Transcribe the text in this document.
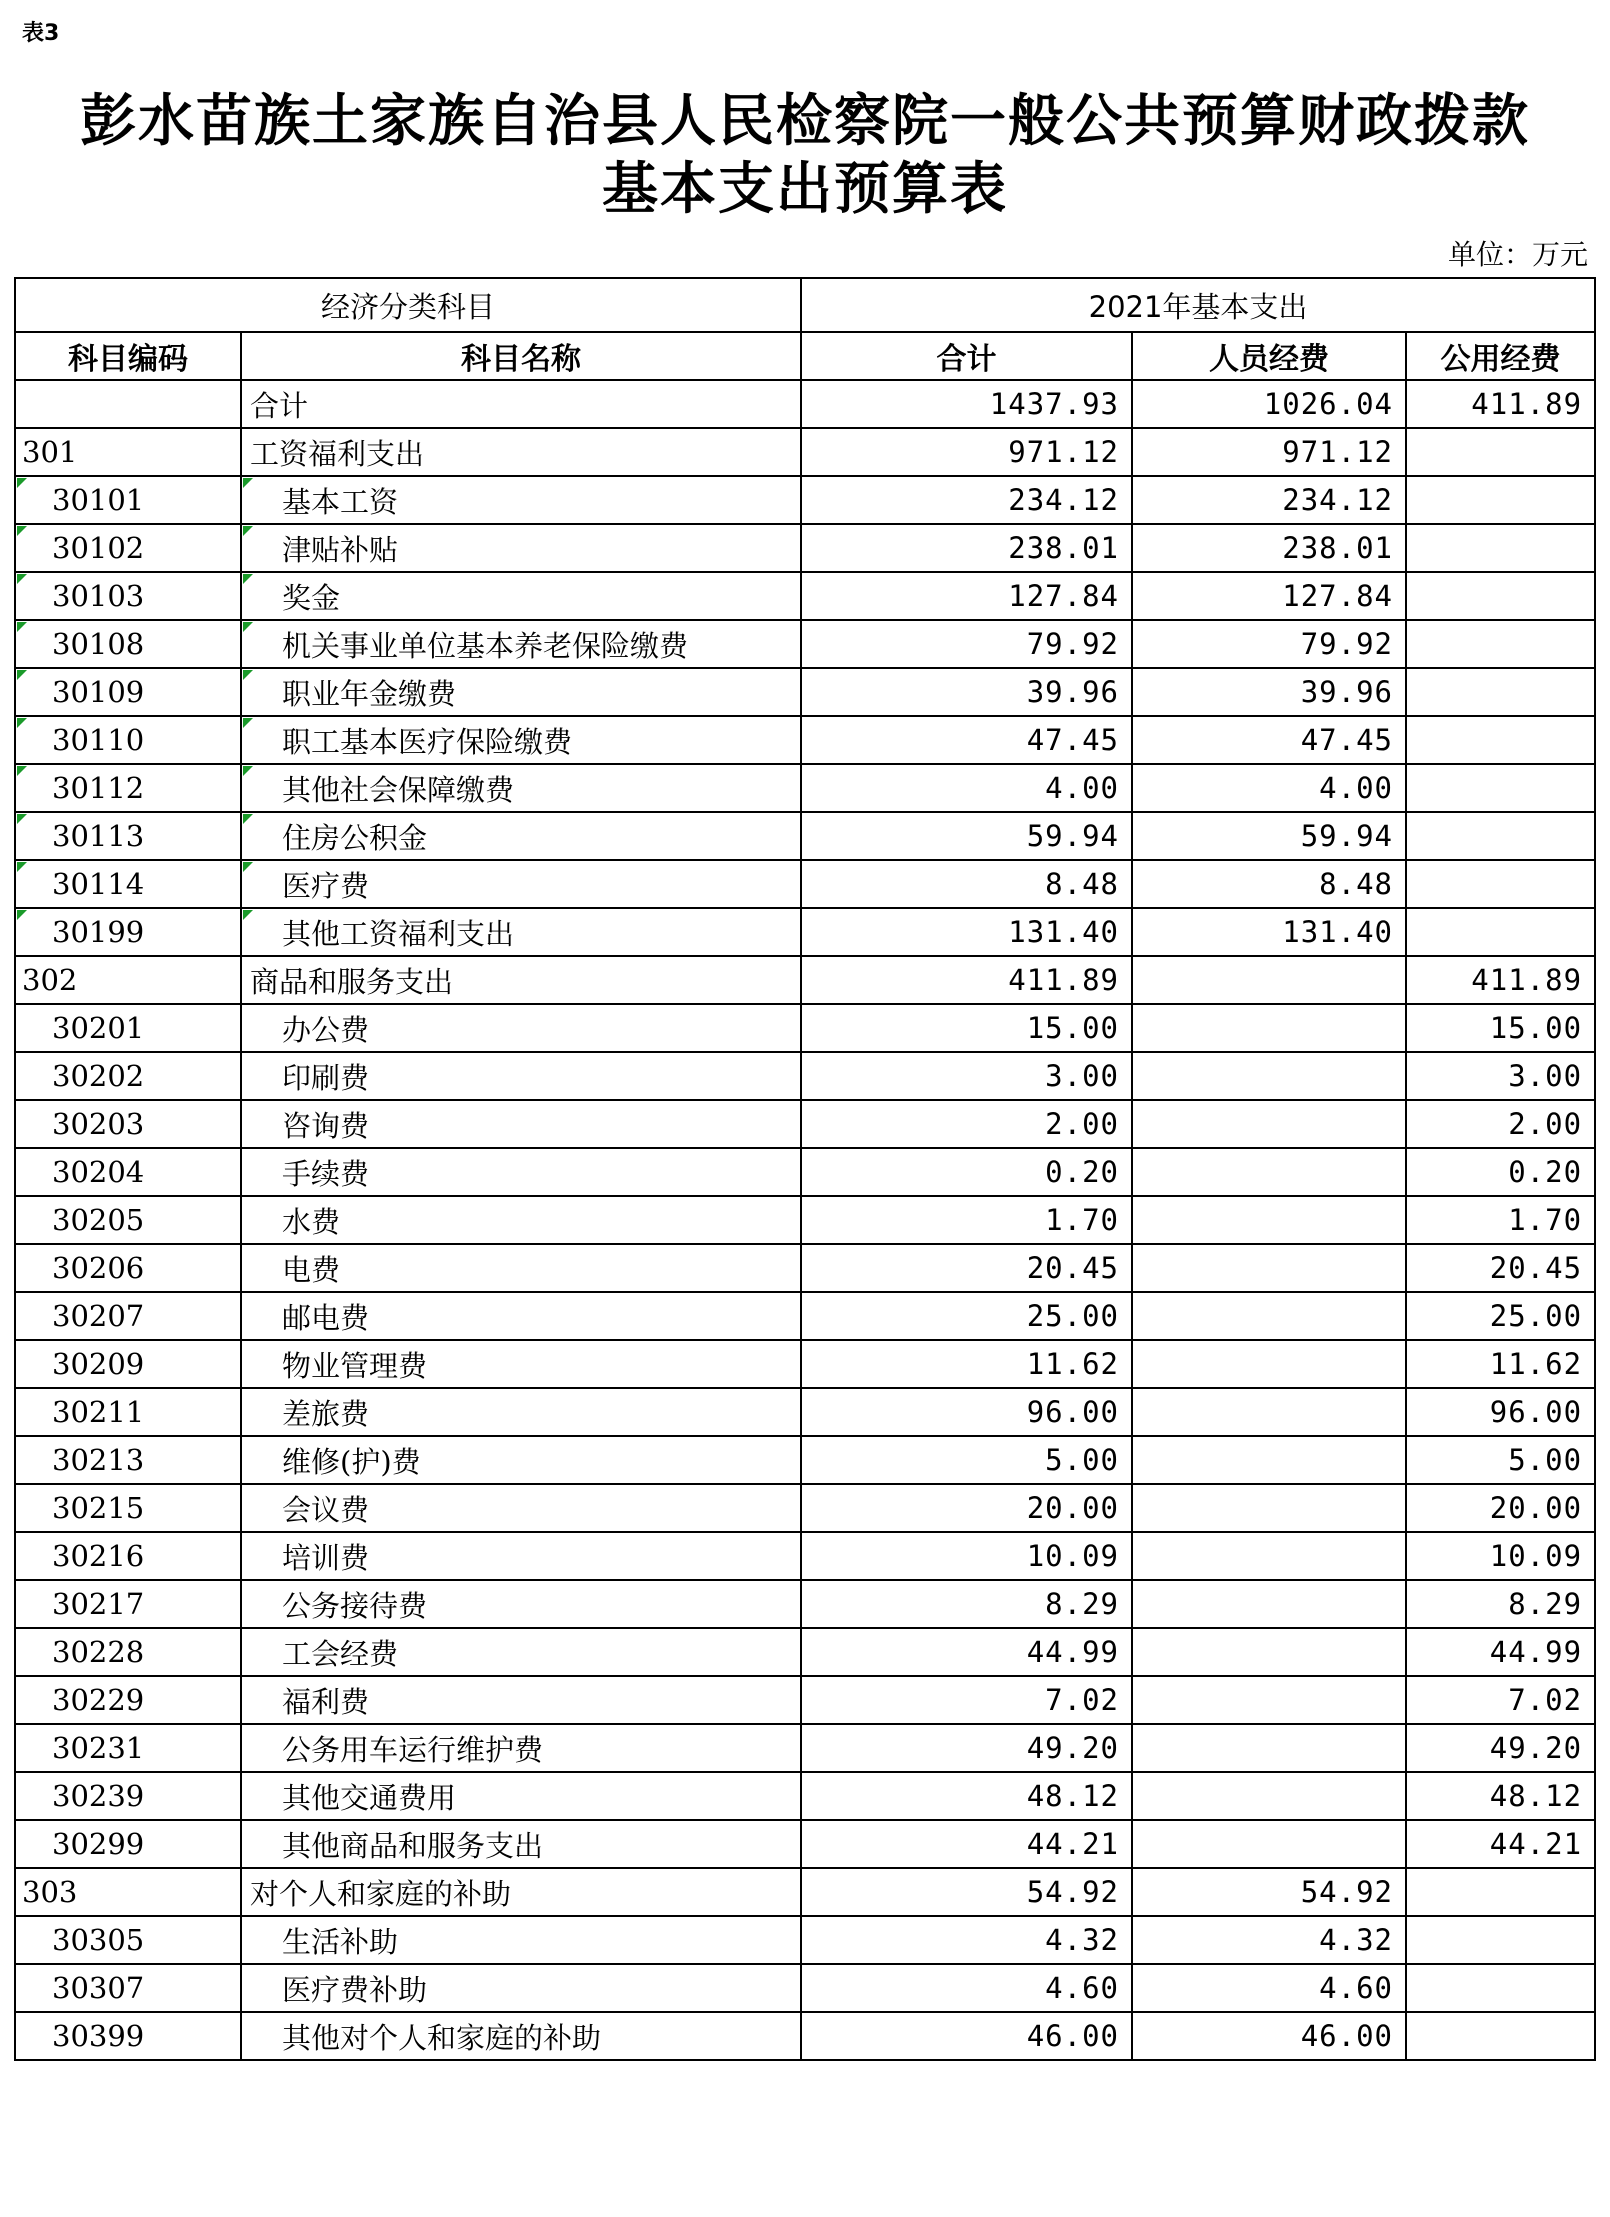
表3
彭水苗族土家族自治县人民检察院一般公共预算财政拨款
基本支出预算表
单位：万元
经济分类科目		2021年基本支出		
科目编码	科目名称	合计	人员经费	公用经费
	合计	1437.93	1026.04	411.89
301	工资福利支出	971.12	971.12	
30101	基本工资	234.12	234.12	
30102	津贴补贴	238.01	238.01	
30103	奖金	127.84	127.84	
30108	机关事业单位基本养老保险缴费	79.92	79.92	
30109	职业年金缴费	39.96	39.96	
30110	职工基本医疗保险缴费	47.45	47.45	
30112	其他社会保障缴费	4.00	4.00	
30113	住房公积金	59.94	59.94	
30114	医疗费	8.48	8.48	
30199	其他工资福利支出	131.40	131.40	
302	商品和服务支出	411.89		411.89
30201	办公费	15.00		15.00
30202	印刷费	3.00		3.00
30203	咨询费	2.00		2.00
30204	手续费	0.20		0.20
30205	水费	1.70		1.70
30206	电费	20.45		20.45
30207	邮电费	25.00		25.00
30209	物业管理费	11.62		11.62
30211	差旅费	96.00		96.00
30213	维修(护)费	5.00		5.00
30215	会议费	20.00		20.00
30216	培训费	10.09		10.09
30217	公务接待费	8.29		8.29
30228	工会经费	44.99		44.99
30229	福利费	7.02		7.02
30231	公务用车运行维护费	49.20		49.20
30239	其他交通费用	48.12		48.12
30299	其他商品和服务支出	44.21		44.21
303	对个人和家庭的补助	54.92	54.92	
30305	生活补助	4.32	4.32	
30307	医疗费补助	4.60	4.60	
30399	其他对个人和家庭的补助	46.00	46.00	
